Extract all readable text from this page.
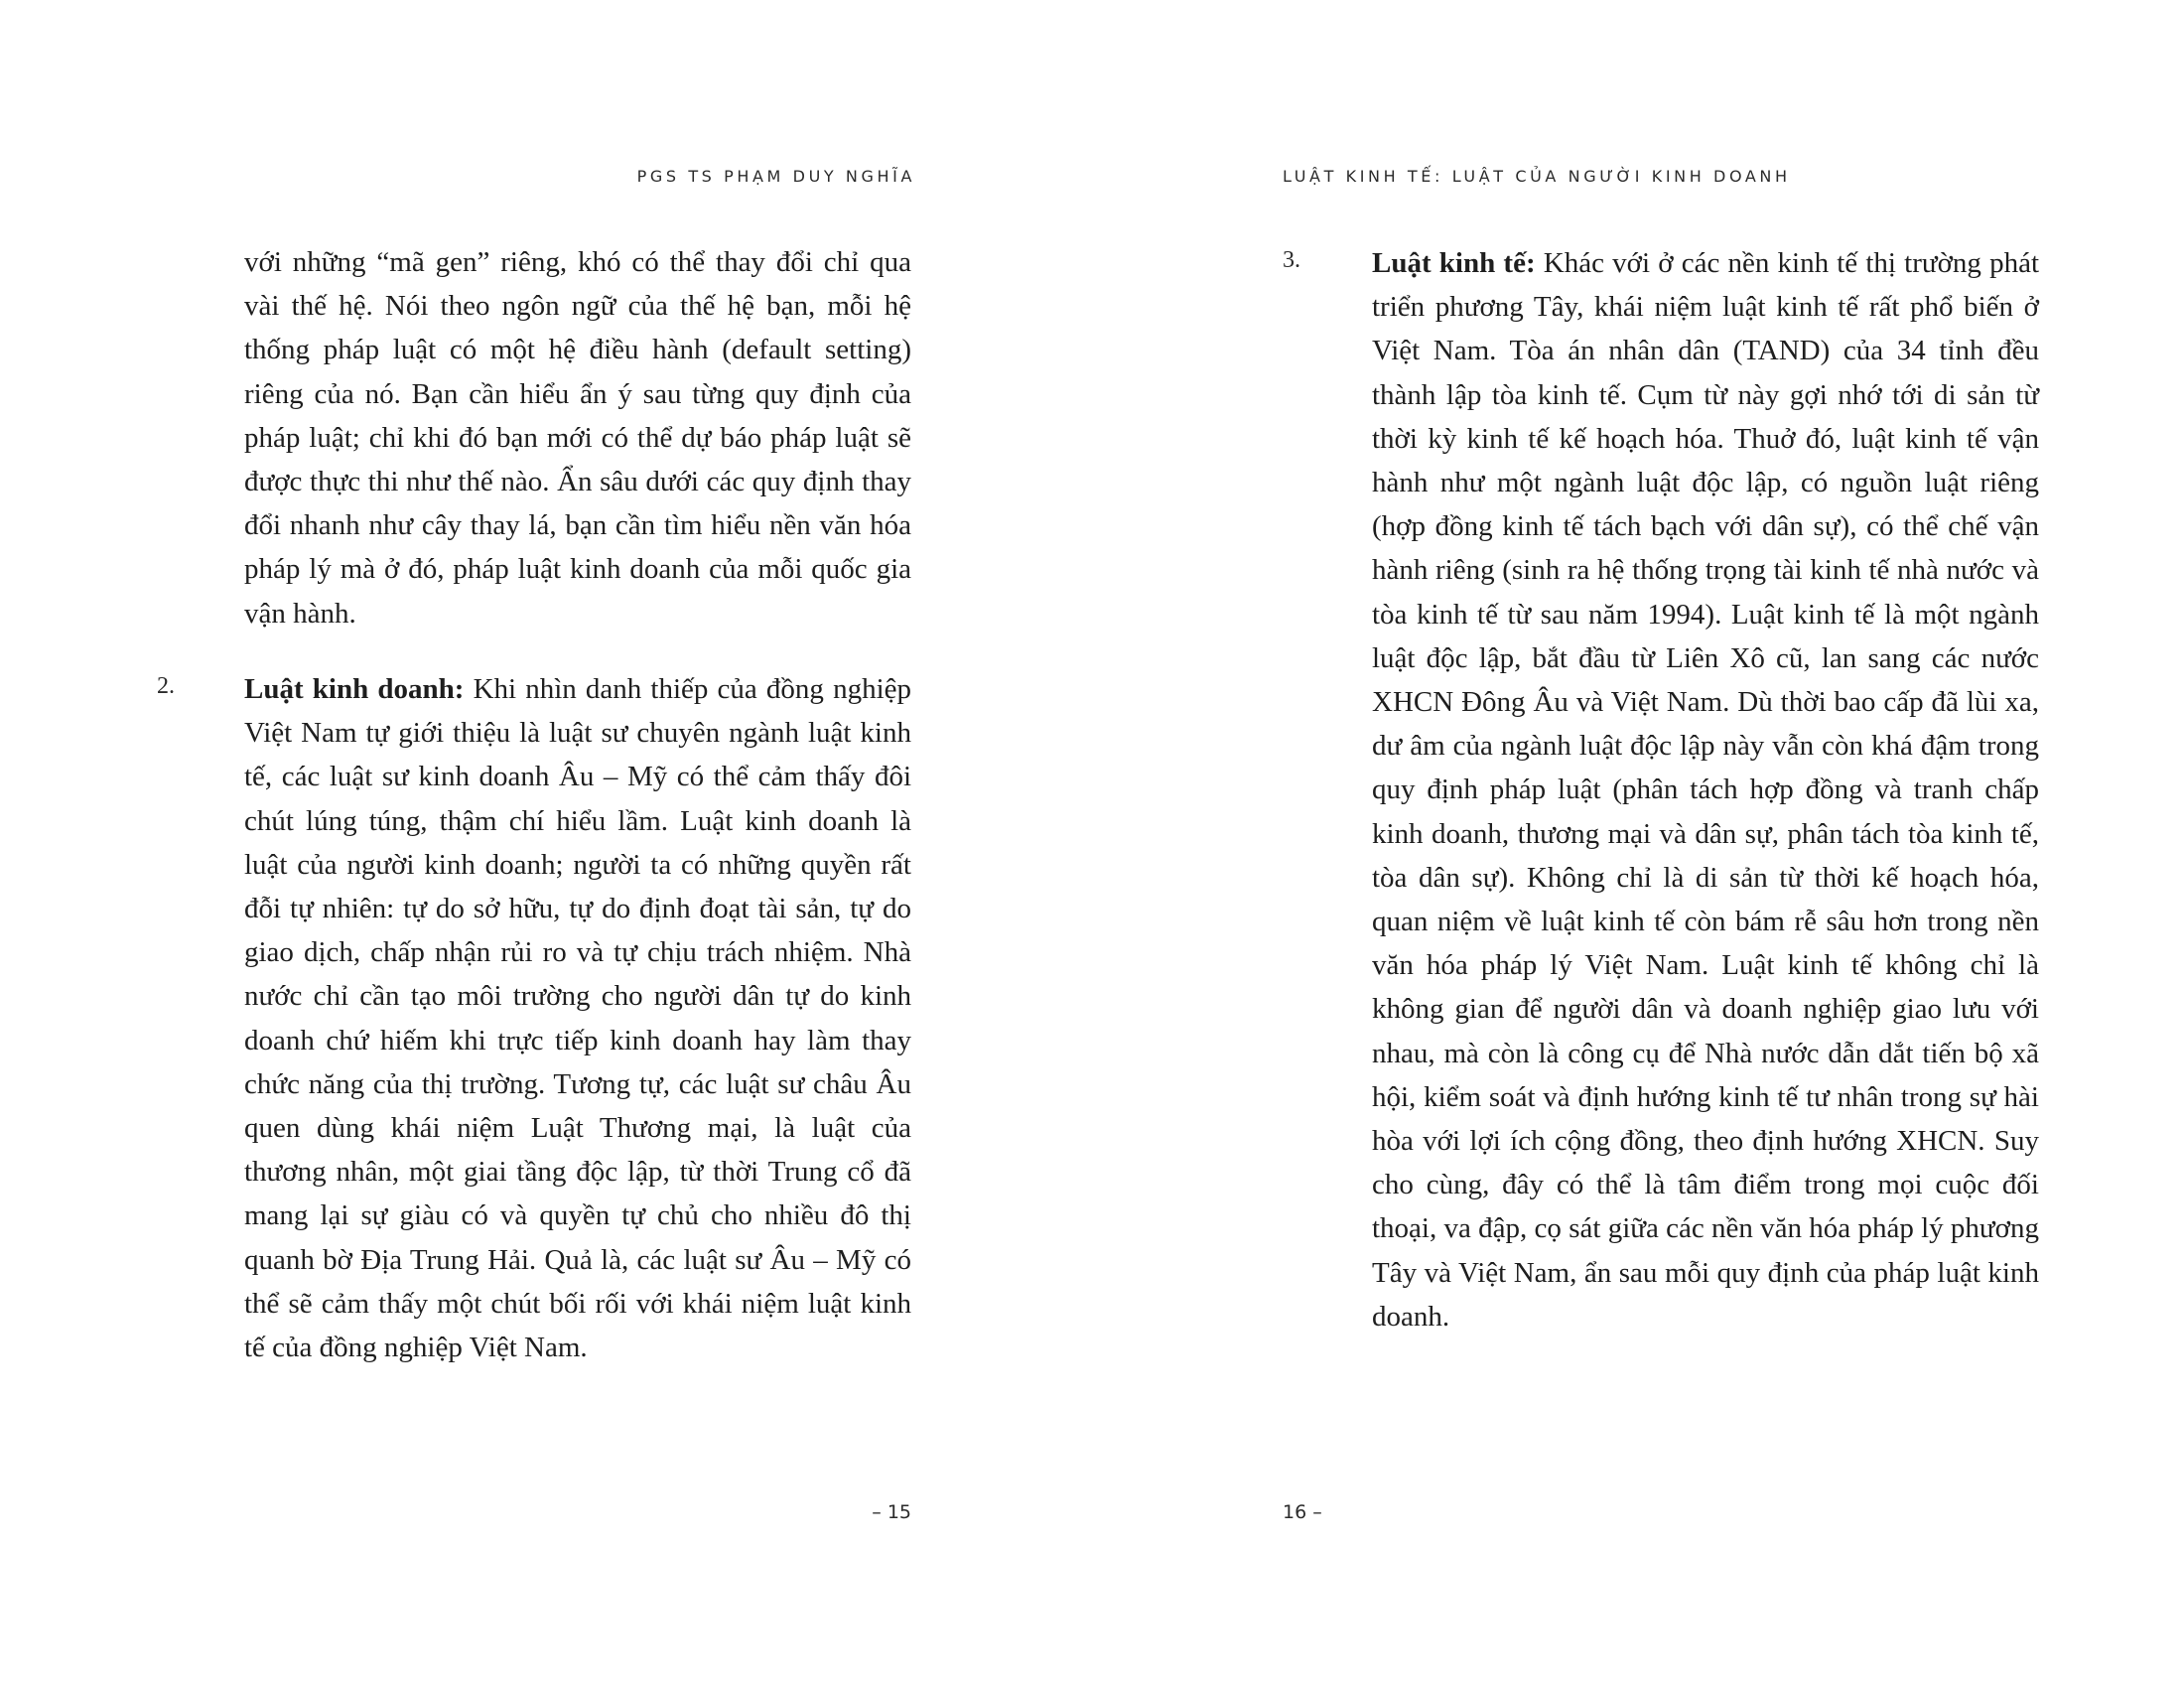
PGS TS PHẠM DUY NGHĨA

với những “mã gen” riêng, khó có thể thay đổi chỉ qua vài thế hệ. Nói theo ngôn ngữ của thế hệ bạn, mỗi hệ thống pháp luật có một hệ điều hành (default setting) riêng của nó. Bạn cần hiểu ẩn ý sau từng quy định của pháp luật; chỉ khi đó bạn mới có thể dự báo pháp luật sẽ được thực thi như thế nào. Ẩn sâu dưới các quy định thay đổi nhanh như cây thay lá, bạn cần tìm hiểu nền văn hóa pháp lý mà ở đó, pháp luật kinh doanh của mỗi quốc gia vận hành.

2. Luật kinh doanh: Khi nhìn danh thiếp của đồng nghiệp Việt Nam tự giới thiệu là luật sư chuyên ngành luật kinh tế, các luật sư kinh doanh Âu – Mỹ có thể cảm thấy đôi chút lúng túng, thậm chí hiểu lầm. Luật kinh doanh là luật của người kinh doanh; người ta có những quyền rất đỗi tự nhiên: tự do sở hữu, tự do định đoạt tài sản, tự do giao dịch, chấp nhận rủi ro và tự chịu trách nhiệm. Nhà nước chỉ cần tạo môi trường cho người dân tự do kinh doanh chứ hiếm khi trực tiếp kinh doanh hay làm thay chức năng của thị trường. Tương tự, các luật sư châu Âu quen dùng khái niệm Luật Thương mại, là luật của thương nhân, một giai tầng độc lập, từ thời Trung cổ đã mang lại sự giàu có và quyền tự chủ cho nhiều đô thị quanh bờ Địa Trung Hải. Quả là, các luật sư Âu – Mỹ có thể sẽ cảm thấy một chút bối rối với khái niệm luật kinh tế của đồng nghiệp Việt Nam.

– 15
LUẬT KINH TẾ: LUẬT CỦA NGƯỜI KINH DOANH
3. Luật kinh tế: Khác với ở các nền kinh tế thị trường phát triển phương Tây, khái niệm luật kinh tế rất phổ biến ở Việt Nam. Tòa án nhân dân (TAND) của 34 tỉnh đều thành lập tòa kinh tế. Cụm từ này gợi nhớ tới di sản từ thời kỳ kinh tế kế hoạch hóa. Thuở đó, luật kinh tế vận hành như một ngành luật độc lập, có nguồn luật riêng (hợp đồng kinh tế tách bạch với dân sự), có thể chế vận hành riêng (sinh ra hệ thống trọng tài kinh tế nhà nước và tòa kinh tế từ sau năm 1994). Luật kinh tế là một ngành luật độc lập, bắt đầu từ Liên Xô cũ, lan sang các nước XHCN Đông Âu và Việt Nam. Dù thời bao cấp đã lùi xa, dư âm của ngành luật độc lập này vẫn còn khá đậm trong quy định pháp luật (phân tách hợp đồng và tranh chấp kinh doanh, thương mại và dân sự, phân tách tòa kinh tế, tòa dân sự). Không chỉ là di sản từ thời kế hoạch hóa, quan niệm về luật kinh tế còn bám rễ sâu hơn trong nền văn hóa pháp lý Việt Nam. Luật kinh tế không chỉ là không gian để người dân và doanh nghiệp giao lưu với nhau, mà còn là công cụ để Nhà nước dẫn dắt tiến bộ xã hội, kiểm soát và định hướng kinh tế tư nhân trong sự hài hòa với lợi ích cộng đồng, theo định hướng XHCN. Suy cho cùng, đây có thể là tâm điểm trong mọi cuộc đối thoại, va đập, cọ sát giữa các nền văn hóa pháp lý phương Tây và Việt Nam, ẩn sau mỗi quy định của pháp luật kinh doanh.

16 –
